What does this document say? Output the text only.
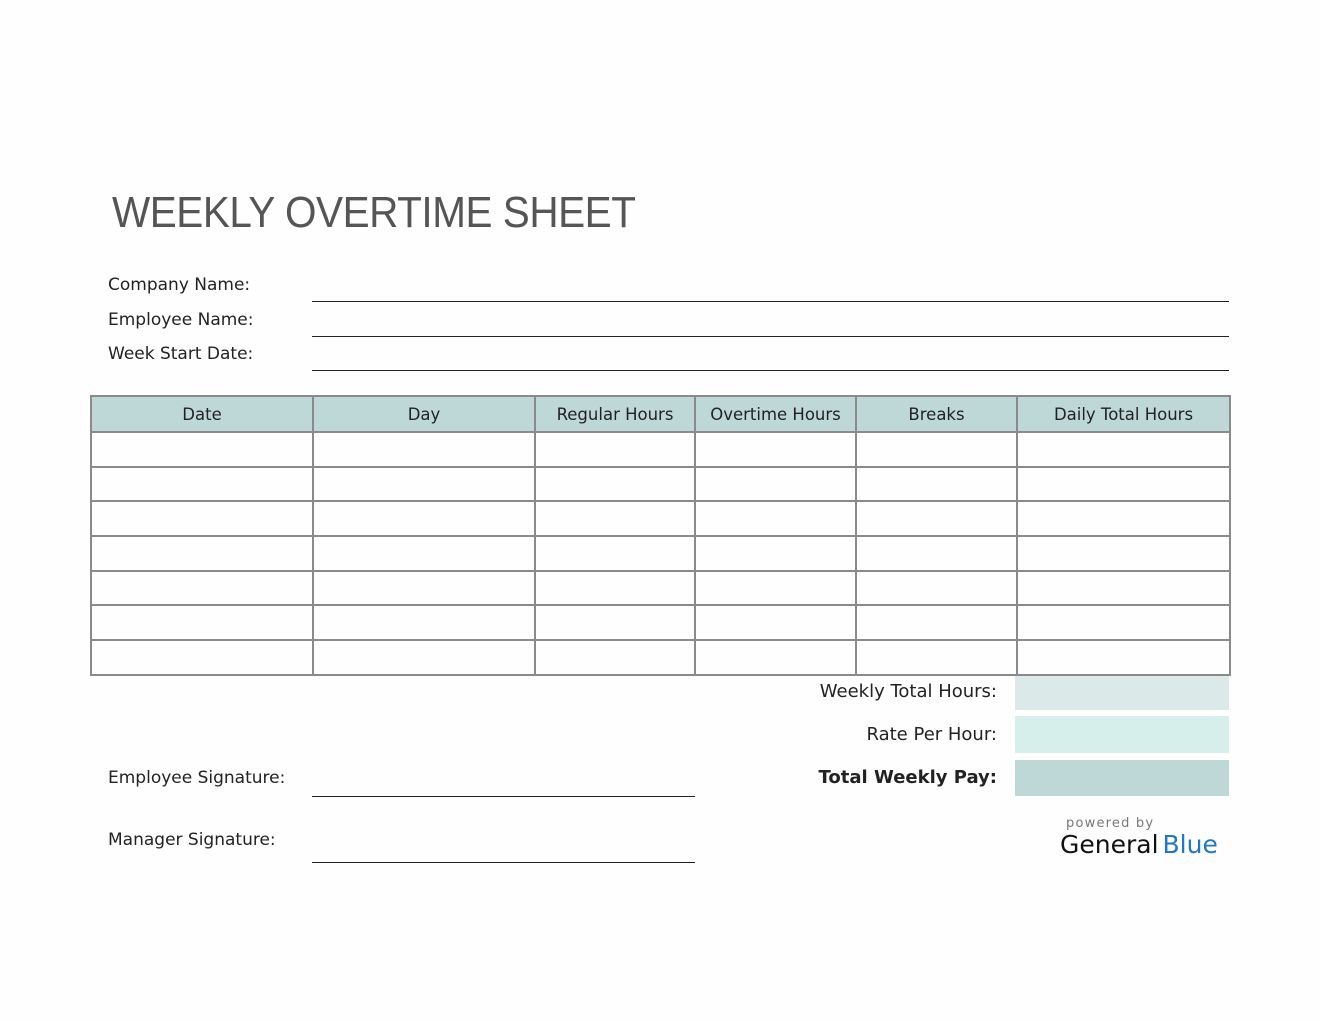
WEEKLY OVERTIME SHEET
Company Name:
Employee Name:
Week Start Date:
Date	Day	Regular Hours	Overtime Hours	Breaks	Daily Total Hours

Weekly Total Hours:
Rate Per Hour:
Total Weekly Pay:
Employee Signature:
Manager Signature:
powered by
General Blue
